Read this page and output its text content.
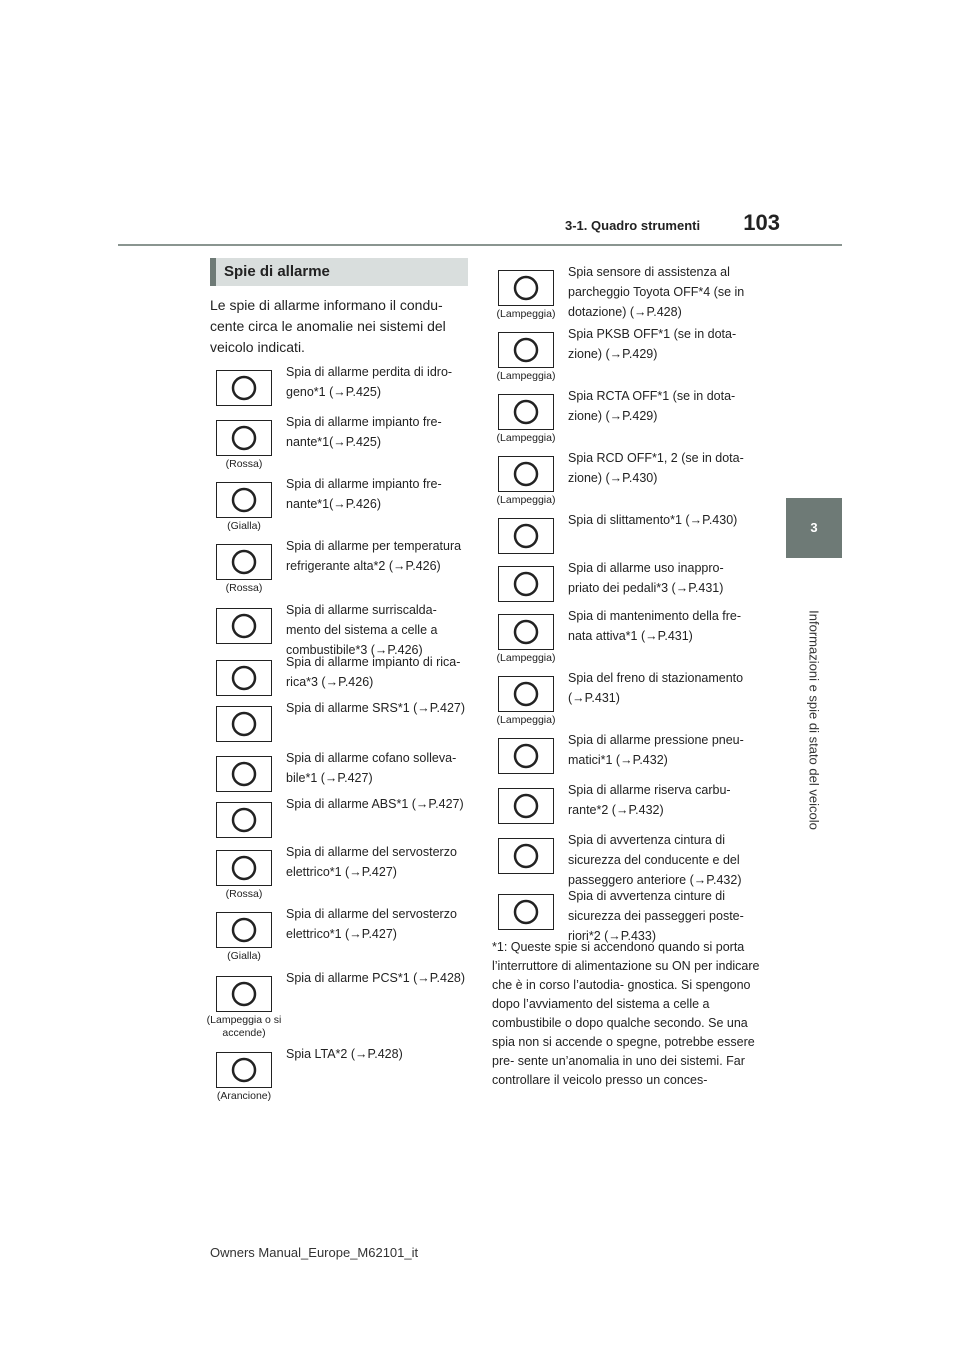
103
3-1. Quadro strumenti
3
Informazioni e spie di stato del veicolo
Spie di allarme
Le spie di allarme informano il condu- cente circa le anomalie nei sistemi del veicolo indicati.
Spia di allarme perdita di idro- geno*1 (→P.425)
(Rossa)
Spia di allarme impianto fre- nante*1(→P.425)
(Gialla)
Spia di allarme impianto fre- nante*1(→P.426)
(Rossa)
Spia di allarme per temperatura refrigerante alta*2 (→P.426)
Spia di allarme surriscalda- mento del sistema a celle a combustibile*3 (→P.426)
Spia di allarme impianto di rica- rica*3 (→P.426)
Spia di allarme SRS*1 (→P.427)
Spia di allarme cofano solleva- bile*1 (→P.427)
Spia di allarme ABS*1 (→P.427)
(Rossa)
Spia di allarme del servosterzo elettrico*1 (→P.427)
(Gialla)
Spia di allarme del servosterzo elettrico*1 (→P.427)
(Lampeggia o si accende)
Spia di allarme PCS*1 (→P.428)
(Arancione)
Spia LTA*2 (→P.428)
(Lampeggia)
Spia sensore di assistenza al parcheggio Toyota OFF*4 (se in dotazione) (→P.428)
(Lampeggia)
Spia PKSB OFF*1 (se in dota- zione) (→P.429)
(Lampeggia)
Spia RCTA OFF*1 (se in dota- zione) (→P.429)
(Lampeggia)
Spia RCD OFF*1, 2 (se in dota- zione) (→P.430)
Spia di slittamento*1 (→P.430)
Spia di allarme uso inappro- priato dei pedali*3 (→P.431)
(Lampeggia)
Spia di mantenimento della fre- nata attiva*1 (→P.431)
(Lampeggia)
Spia del freno di stazionamento (→P.431)
Spia di allarme pressione pneu- matici*1 (→P.432)
Spia di allarme riserva carbu- rante*2 (→P.432)
Spia di avvertenza cintura di sicurezza del conducente e del passeggero anteriore (→P.432)
Spia di avvertenza cinture di sicurezza dei passeggeri poste- riori*2 (→P.433)
*1: Queste spie si accendono quando si porta l’interruttore di alimentazione su ON per indicare che è in corso l’autodia- gnostica. Si spengono dopo l’avviamento del sistema a celle a combustibile o dopo qualche secondo. Se una spia non si accende o spegne, potrebbe essere pre- sente un’anomalia in uno dei sistemi. Far controllare il veicolo presso un conces-
Owners Manual_Europe_M62101_it
